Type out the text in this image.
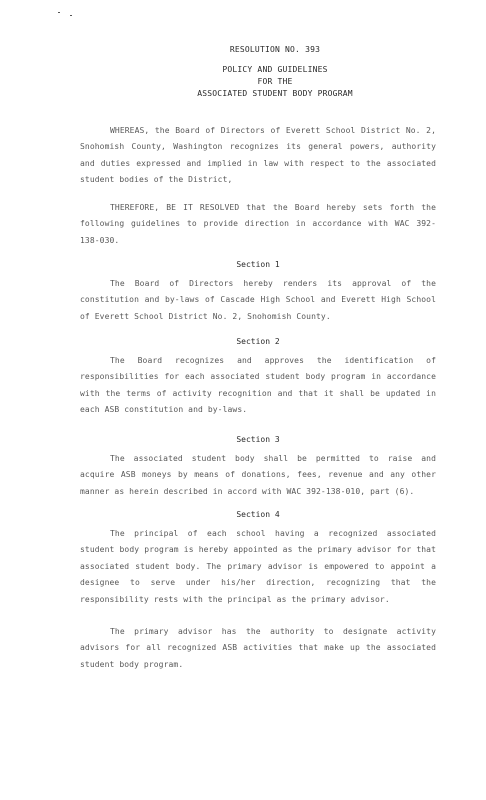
RESOLUTION NO. 393
POLICY AND GUIDELINES
FOR THE
ASSOCIATED STUDENT BODY PROGRAM
WHEREAS, the Board of Directors of Everett School District No. 2, Snohomish County, Washington recognizes its general powers, authority and duties expressed and implied in law with respect to the associated student bodies of the District,
THEREFORE, BE IT RESOLVED that the Board hereby sets forth the following guidelines to provide direction in accordance with WAC 392-138-030.
Section 1
The Board of Directors hereby renders its approval of the constitution and by-laws of Cascade High School and Everett High School of Everett School District No. 2, Snohomish County.
Section 2
The Board recognizes and approves the identification of responsibilities for each associated student body program in accordance with the terms of activity recognition and that it shall be updated in each ASB constitution and by-laws.
Section 3
The associated student body shall be permitted to raise and acquire ASB moneys by means of donations, fees, revenue and any other manner as herein described in accord with WAC 392-138-010, part (6).
Section 4
The principal of each school having a recognized associated student body program is hereby appointed as the primary advisor for that associated student body. The primary advisor is empowered to appoint a designee to serve under his/her direction, recognizing that the responsibility rests with the principal as the primary advisor.
The primary advisor has the authority to designate activity advisors for all recognized ASB activities that make up the associated student body program.
